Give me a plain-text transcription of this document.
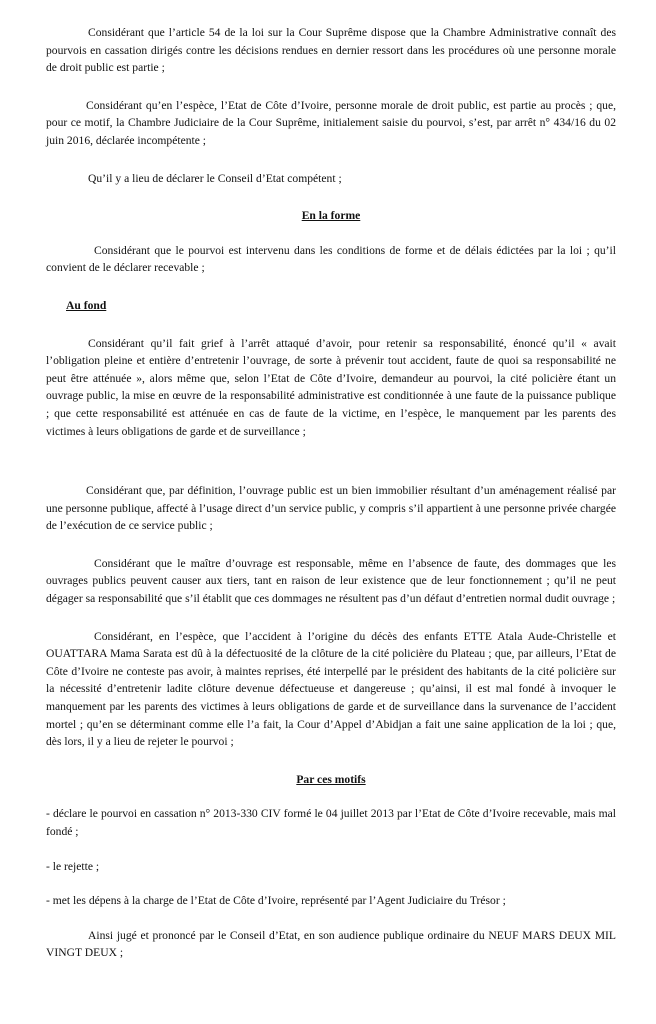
Considérant que l’article 54 de la loi sur la Cour Suprême dispose que la Chambre Administrative connaît des pourvois en cassation dirigés contre les décisions rendues en dernier ressort dans les procédures où une personne morale de droit public est partie ;

Considérant qu’en l’espèce, l’Etat de Côte d’Ivoire, personne morale de droit public, est partie au procès ; que, pour ce motif, la Chambre Judiciaire de la Cour Suprême, initialement saisie du pourvoi, s’est, par arrêt n° 434/16 du 02 juin 2016, déclarée incompétente ;

Qu’il y a lieu de déclarer le Conseil d’Etat compétent ;

En la forme

Considérant que le pourvoi est intervenu dans les conditions de forme et de délais édictées par la loi ; qu’il convient de le déclarer recevable ;

Au fond

Considérant qu’il fait grief à l’arrêt attaqué d’avoir, pour retenir sa responsabilité, énoncé qu’il « avait l’obligation pleine et entière d’entretenir l’ouvrage, de sorte à prévenir tout accident, faute de quoi sa responsabilité ne peut être atténuée », alors même que, selon l’Etat de Côte d’Ivoire, demandeur au pourvoi, la cité policière étant un ouvrage public, la mise en œuvre de la responsabilité administrative est conditionnée à une faute de la puissance publique ; que cette responsabilité est atténuée en cas de faute de la victime, en l’espèce, le manquement par les parents des victimes à leurs obligations de garde et de surveillance ;

Considérant que, par définition, l’ouvrage public est un bien immobilier résultant d’un aménagement réalisé par une personne publique, affecté à l’usage direct d’un service public, y compris s’il appartient à une personne privée chargée de l’exécution de ce service public ;

Considérant que le maître d’ouvrage est responsable, même en l’absence de faute, des dommages que les ouvrages publics peuvent causer aux tiers, tant en raison de leur existence que de leur fonctionnement ; qu’il ne peut dégager sa responsabilité que s’il établit que ces dommages ne résultent pas d’un défaut d’entretien normal dudit ouvrage ;

Considérant, en l’espèce, que l’accident à l’origine du décès des enfants ETTE Atala Aude-Christelle et OUATTARA Mama Sarata est dû à la défectuosité de la clôture de la cité policière du Plateau ; que, par ailleurs, l’Etat de Côte d’Ivoire ne conteste pas avoir, à maintes reprises, été interpellé par le président des habitants de la cité policière sur la nécessité d’entretenir ladite clôture devenue défectueuse et dangereuse ; qu’ainsi, il est mal fondé à invoquer le manquement par les parents des victimes à leurs obligations de garde et de surveillance dans la survenance de l’accident mortel ; qu’en se déterminant comme elle l’a fait, la Cour d’Appel d’Abidjan a fait une saine application de la loi ; que, dès lors, il y a lieu de rejeter le pourvoi ;

Par ces motifs

- déclare le pourvoi en cassation n° 2013-330 CIV formé le 04 juillet 2013 par l’Etat de Côte d’Ivoire recevable, mais mal fondé ;

- le rejette ;

- met les dépens à la charge de l’Etat de Côte d’Ivoire, représenté par l’Agent Judiciaire du Trésor ;

Ainsi jugé et prononcé par le Conseil d’Etat, en son audience publique ordinaire du NEUF MARS DEUX MIL VINGT DEUX ;
